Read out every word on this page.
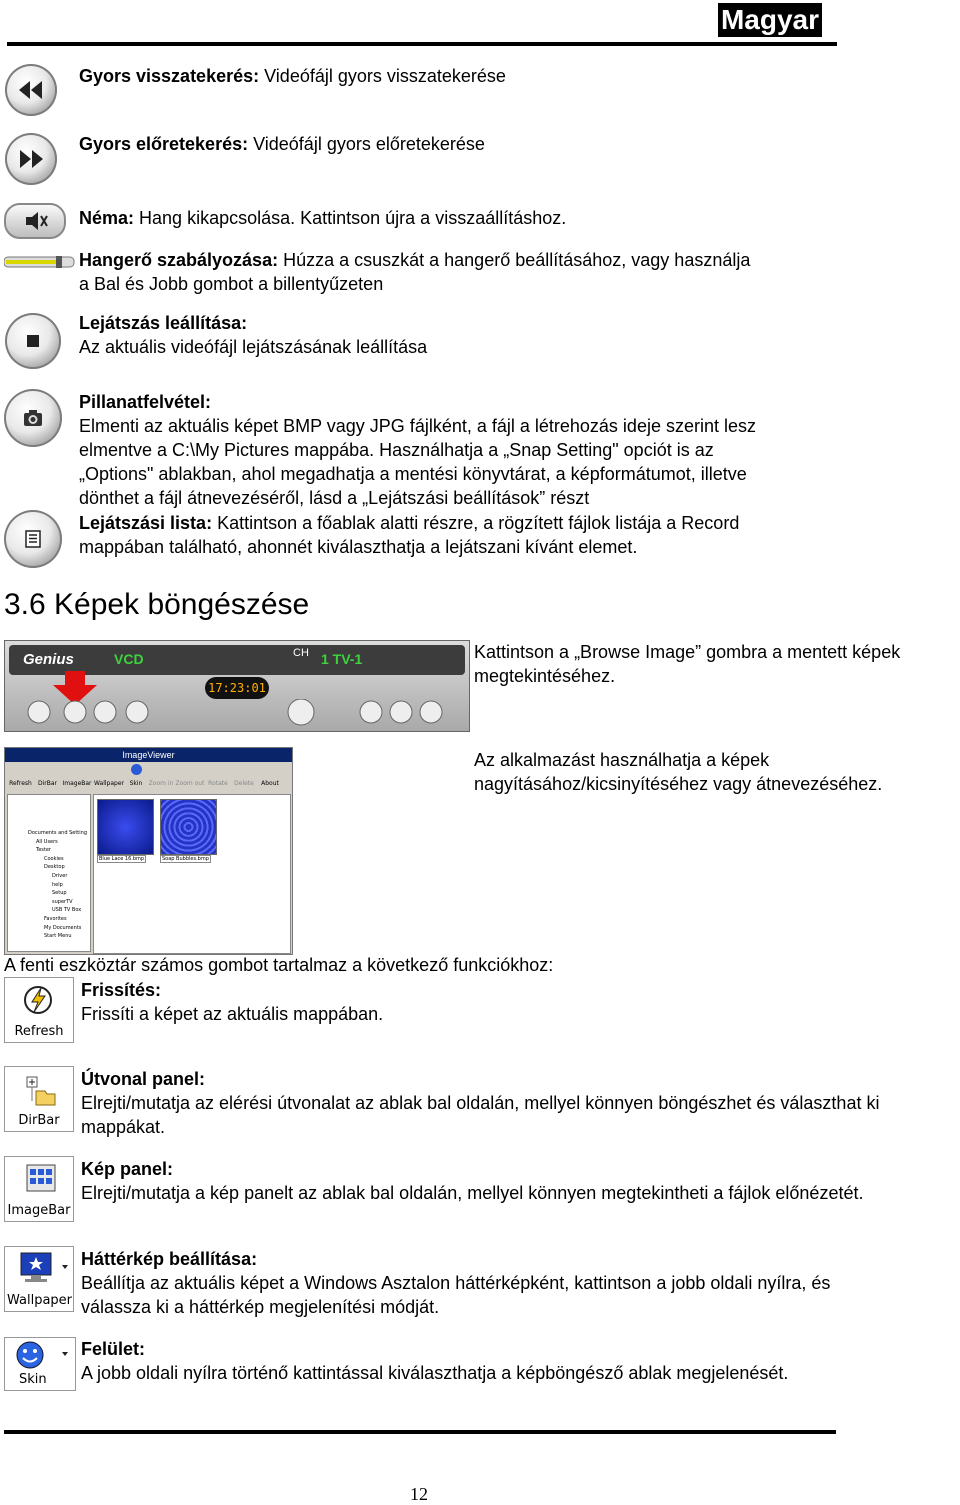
Magyar
Gyors visszatekerés: Videófájl gyors visszatekerése
Gyors előretekerés: Videófájl gyors előretekerése
Néma: Hang kikapcsolása. Kattintson újra a visszaállításhoz.
Hangerő szabályozása: Húzza a csuszkát a hangerő beállításához, vagy használja
a Bal és Jobb gombot a billentyűzeten
Lejátszás leállítása:
Az aktuális videófájl lejátszásának leállítása
Pillanatfelvétel:
Elmenti az aktuális képet BMP vagy JPG fájlként, a fájl a létrehozás ideje szerint lesz
elmentve a C:\My Pictures mappába. Használhatja a „Snap Setting" opciót is az
„Options" ablakban, ahol megadhatja a mentési könyvtárat, a képformátumot, illetve
dönthet a fájl átnevezéséről, lásd a „Lejátszási beállítások” részt
Lejátszási lista: Kattintson a főablak alatti részre, a rögzített fájlok listája a Record
mappában található, ahonnét kiválaszthatja a lejátszani kívánt elemet.
3.6 Képek böngészése
Genius	VCD	CH 1 TV-1
17:23:01
Kattintson a „Browse Image” gombra a mentett képek
megtekintéséhez.
ImageViewer
Refresh	DirBar ImageBar Wallpaper Skin	Zoom in Zoom out Rotate	Delete	About
Documents and Setting
All Users
Tester
Cookies
Desktop
Driver
help
Setup
superTV
USB TV Box
Favorites
My Documents
Start Menu
Blue Lace 16.bmp	Soap Bubbles.bmp
Az alkalmazást használhatja a képek
nagyításához/kicsinyítéséhez vagy átnevezéséhez.
A fenti eszköztár számos gombot tartalmaz a következő funkciókhoz:
Refresh
Frissítés:
Frissíti a képet az aktuális mappában.
DirBar
Útvonal panel:
Elrejti/mutatja az elérési útvonalat az ablak bal oldalán, mellyel könnyen böngészhet és választhat ki
mappákat.
ImageBar
Kép panel:
Elrejti/mutatja a kép panelt az ablak bal oldalán, mellyel könnyen megtekintheti a fájlok előnézetét.
Wallpaper
Háttérkép beállítása:
Beállítja az aktuális képet a Windows Asztalon háttérképként, kattintson a jobb oldali nyílra, és
válassza ki a háttérkép megjelenítési módját.
Skin
Felület:
A jobb oldali nyílra történő kattintással kiválaszthatja a képböngésző ablak megjelenését.
12
